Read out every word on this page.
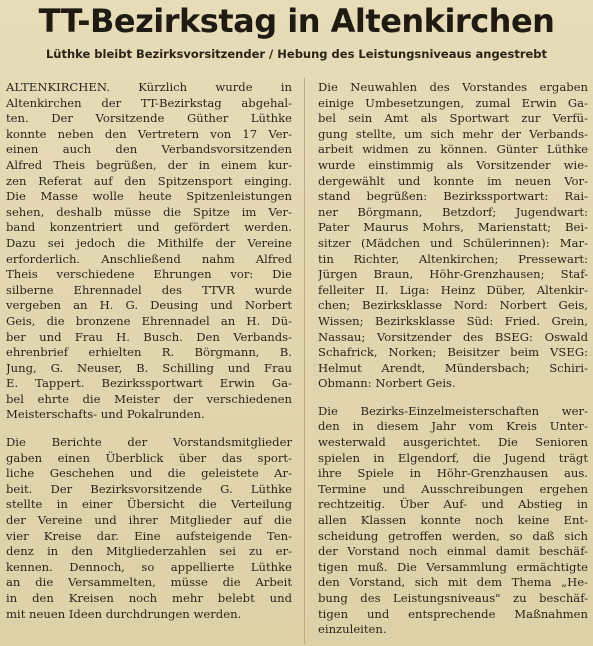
TT-Bezirkstag in Altenkirchen
Lüthke bleibt Bezirksvorsitzender / Hebung des Leistungsniveaus angestrebt
ALTENKIRCHEN. Kürzlich wurde in
Altenkirchen der TT-Bezirkstag abgehal-
ten. Der Vorsitzende Güther Lüthke
konnte neben den Vertretern von 17 Ver-
einen auch den Verbandsvorsitzenden
Alfred Theis begrüßen, der in einem kur-
zen Referat auf den Spitzensport einging.
Die Masse wolle heute Spitzenleistungen
sehen, deshalb müsse die Spitze im Ver-
band konzentriert und gefördert werden.
Dazu sei jedoch die Mithilfe der Vereine
erforderlich. Anschließend nahm Alfred
Theis verschiedene Ehrungen vor: Die
silberne Ehrennadel des TTVR wurde
vergeben an H. G. Deusing und Norbert
Geis, die bronzene Ehrennadel an H. Dü-
ber und Frau H. Busch. Den Verbands-
ehrenbrief erhielten R. Börgmann, B.
Jung, G. Neuser, B. Schilling und Frau
E. Tappert. Bezirkssportwart Erwin Ga-
bel ehrte die Meister der verschiedenen
Meisterschafts- und Pokalrunden.
Die Berichte der Vorstandsmitglieder
gaben einen Überblick über das sport-
liche Geschehen und die geleistete Ar-
beit. Der Bezirksvorsitzende G. Lüthke
stellte in einer Übersicht die Verteilung
der Vereine und ihrer Mitglieder auf die
vier Kreise dar. Eine aufsteigende Ten-
denz in den Mitgliederzahlen sei zu er-
kennen. Dennoch, so appellierte Lüthke
an die Versammelten, müsse die Arbeit
in den Kreisen noch mehr belebt und
mit neuen Ideen durchdrungen werden.
Die Neuwahlen des Vorstandes ergaben
einige Umbesetzungen, zumal Erwin Ga-
bel sein Amt als Sportwart zur Verfü-
gung stellte, um sich mehr der Verbands-
arbeit widmen zu können. Günter Lüthke
wurde einstimmig als Vorsitzender wie-
dergewählt und konnte im neuen Vor-
stand begrüßen: Bezirkssportwart: Rai-
ner Börgmann, Betzdorf; Jugendwart:
Pater Maurus Mohrs, Marienstatt; Bei-
sitzer (Mädchen und Schülerinnen): Mar-
tin Richter, Altenkirchen; Pressewart:
Jürgen Braun, Höhr-Grenzhausen; Staf-
felleiter II. Liga: Heinz Düber, Altenkir-
chen; Bezirksklasse Nord: Norbert Geis,
Wissen; Bezirksklasse Süd: Fried. Grein,
Nassau; Vorsitzender des BSEG: Oswald
Schafrick, Norken; Beisitzer beim VSEG:
Helmut Arendt, Mündersbach; Schiri-
Obmann: Norbert Geis.
Die Bezirks-Einzelmeisterschaften wer-
den in diesem Jahr vom Kreis Unter-
westerwald ausgerichtet. Die Senioren
spielen in Elgendorf, die Jugend trägt
ihre Spiele in Höhr-Grenzhausen aus.
Termine und Ausschreibungen ergehen
rechtzeitig. Über Auf- und Abstieg in
allen Klassen konnte noch keine Ent-
scheidung getroffen werden, so daß sich
der Vorstand noch einmal damit beschäf-
tigen muß. Die Versammlung ermächtigte
den Vorstand, sich mit dem Thema „He-
bung des Leistungsniveaus" zu beschäf-
tigen und entsprechende Maßnahmen
einzuleiten.
